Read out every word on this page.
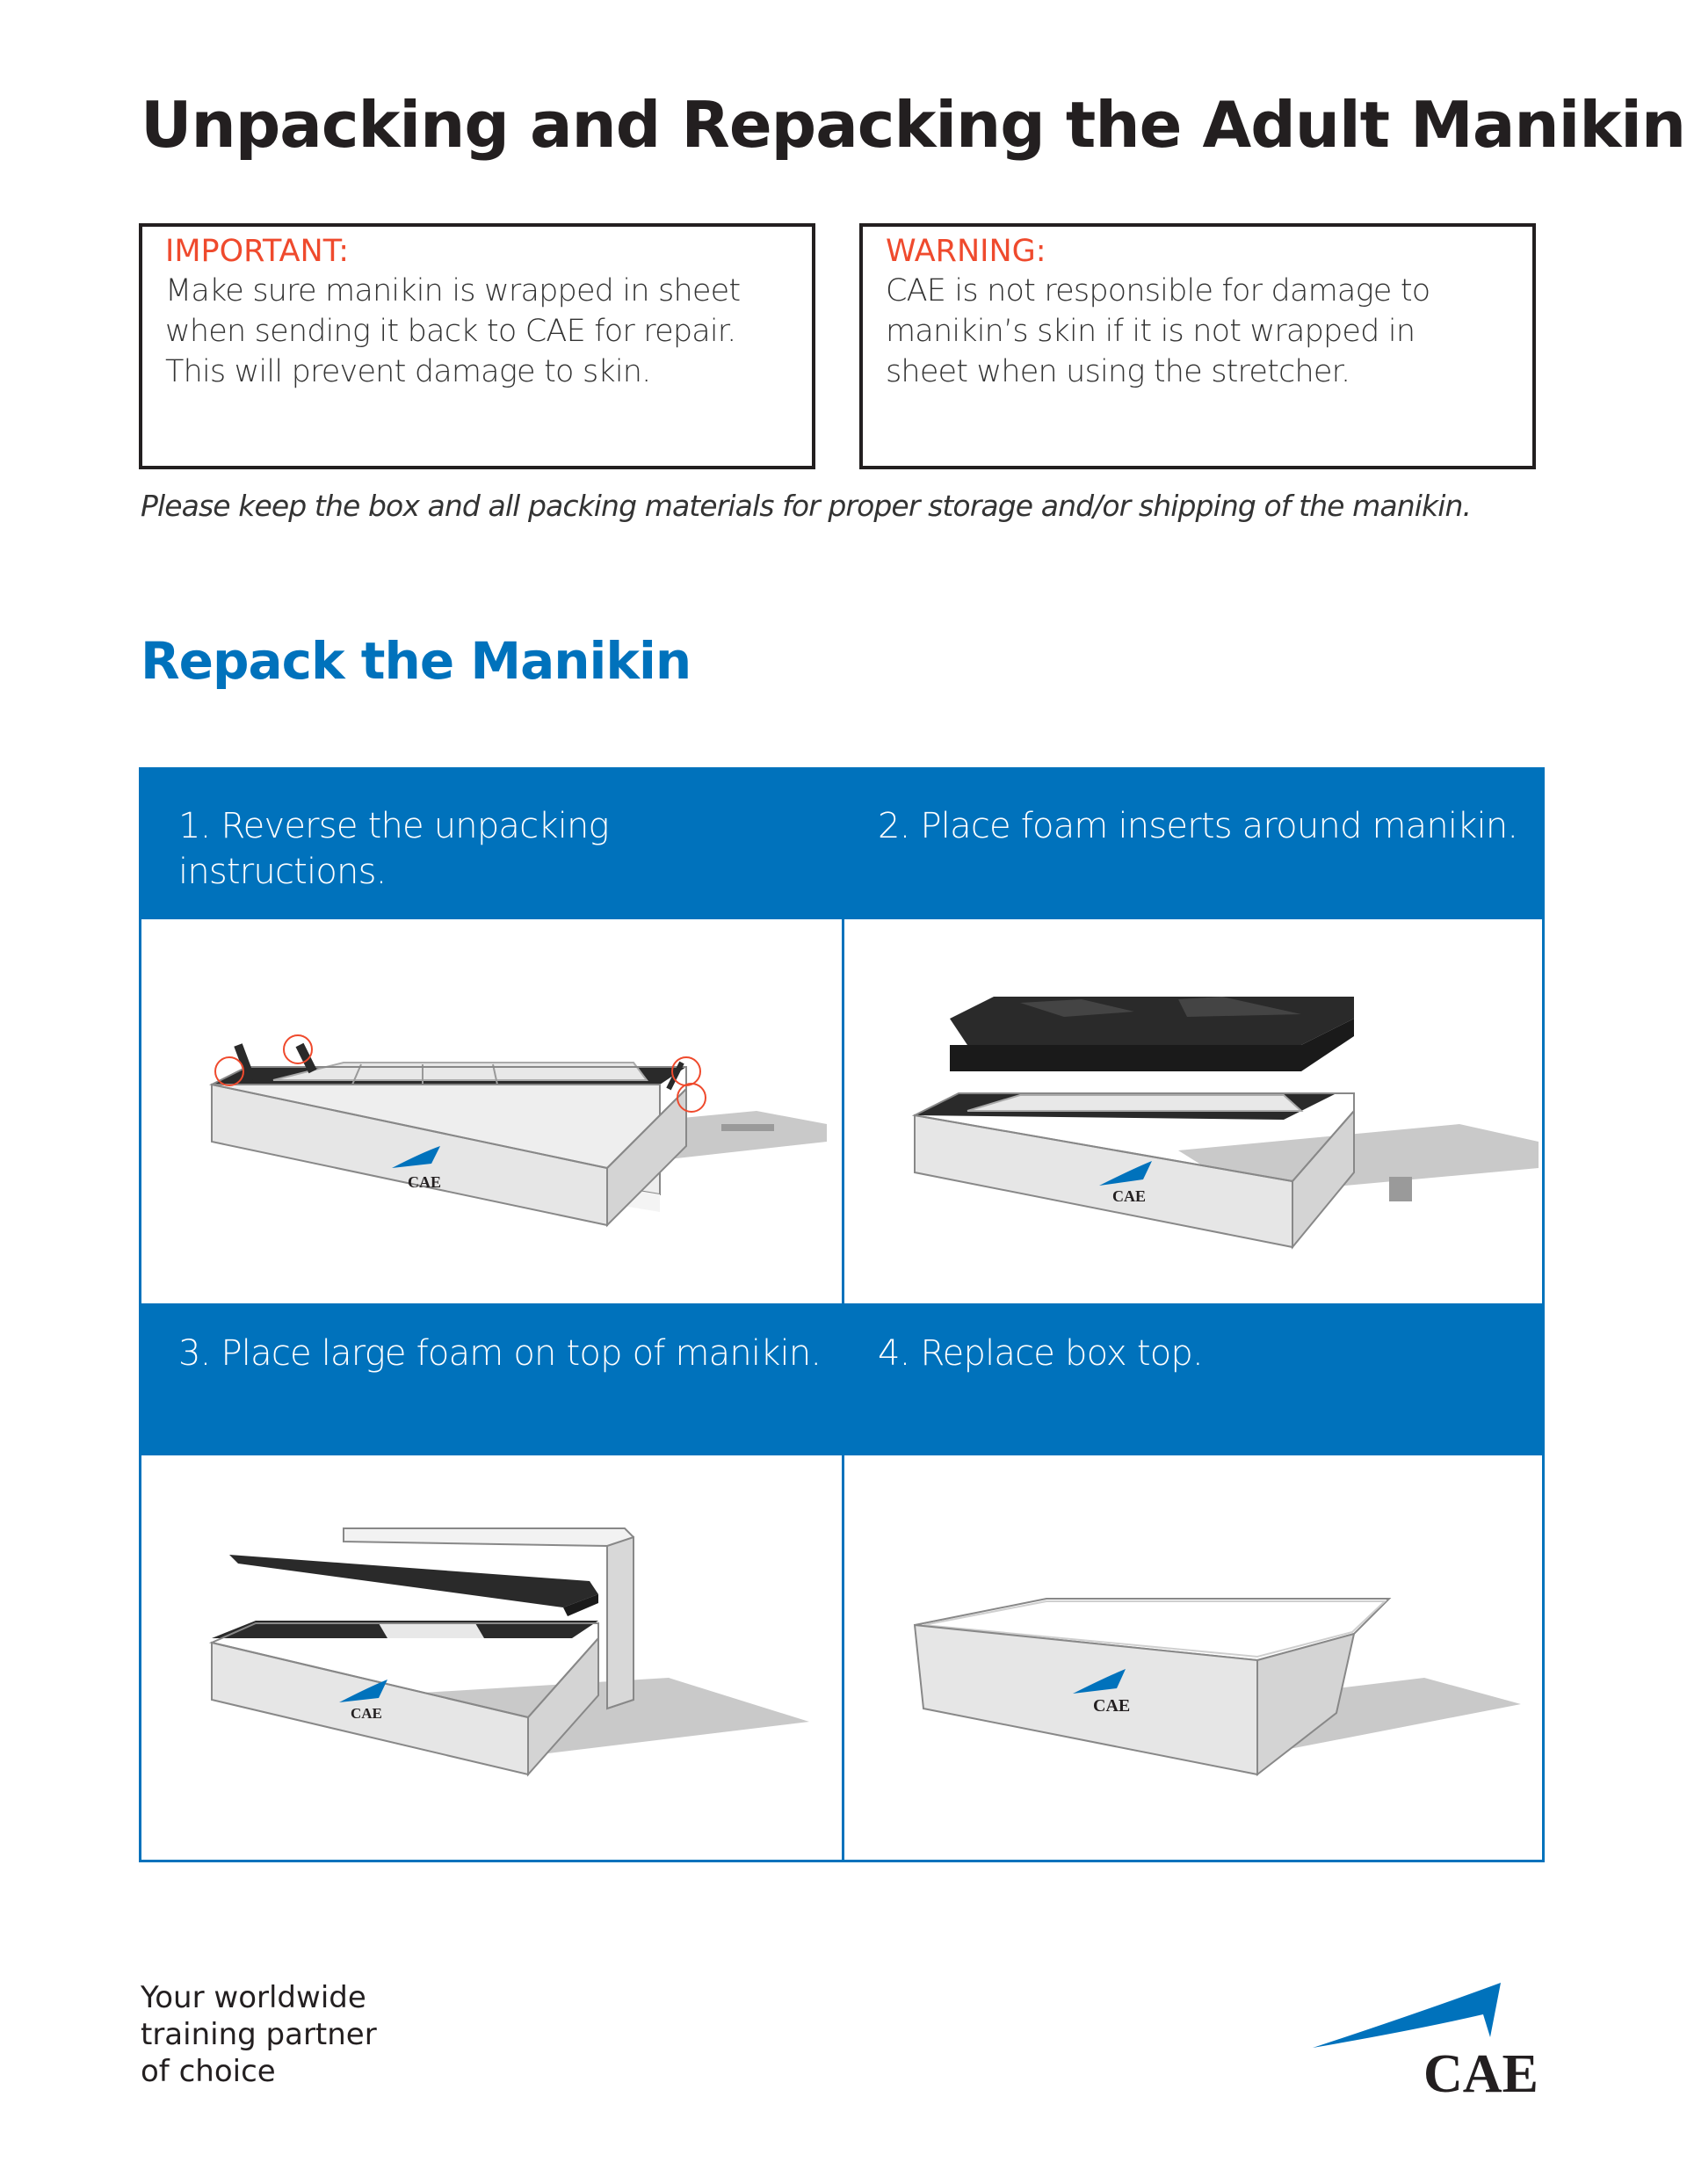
Unpacking and Repacking the Adult Manikin
IMPORTANT:
Make sure manikin is wrapped in sheet
when sending it back to CAE for repair.
This will prevent damage to skin.
WARNING:
CAE is not responsible for damage to
manikin’s skin if it is not wrapped in
sheet when using the stretcher.
Please keep the box and all packing materials for proper storage and/or shipping of the manikin.
Repack the Manikin
1. Reverse the unpacking
instructions.
2. Place foam inserts around manikin.
CAE
CAE
3. Place large foam on top of manikin. 4. Replace box top.
CAE	CAE
Your worldwide
training partner
of choice	CAE
